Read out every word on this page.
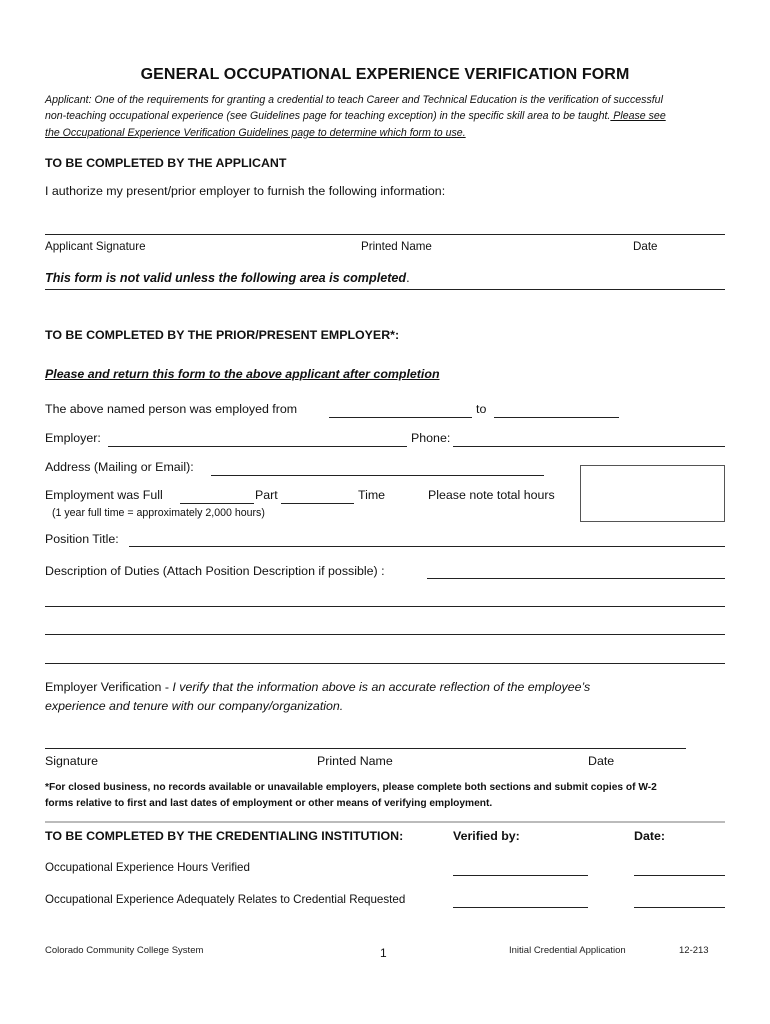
GENERAL OCCUPATIONAL EXPERIENCE VERIFICATION FORM
Applicant: One of the requirements for granting a credential to teach Career and Technical Education is the verification of successful
non-teaching occupational experience (see Guidelines page for teaching exception) in the specific skill area to be taught. Please see
the Occupational Experience Verification Guidelines page to determine which form to use.
TO BE COMPLETED BY THE APPLICANT
I authorize my present/prior employer to furnish the following information:
Applicant Signature	Printed Name	Date
This form is not valid unless the following area is completed.
TO BE COMPLETED BY THE PRIOR/PRESENT EMPLOYER*:
Please and return this form to the above applicant after completion
The above named person was employed from	to
Employer:	Phone:
Address (Mailing or Email):
Employment was Full	Part	Time	Please note total hours
(1 year full time = approximately 2,000 hours)
Position Title:
Description of Duties (Attach Position Description if possible) :
Employer Verification - I verify that the information above is an accurate reflection of the employee’s
experience and tenure with our company/organization.
Signature	Printed Name	Date
*For closed business, no records available or unavailable employers, please complete both sections and submit copies of W-2
forms relative to first and last dates of employment or other means of verifying employment.
TO BE COMPLETED BY THE CREDENTIALING INSTITUTION:	Verified by:	Date:
Occupational Experience Hours Verified
Occupational Experience Adequately Relates to Credential Requested
Colorado Community College System	1	Initial Credential Application	12-213
